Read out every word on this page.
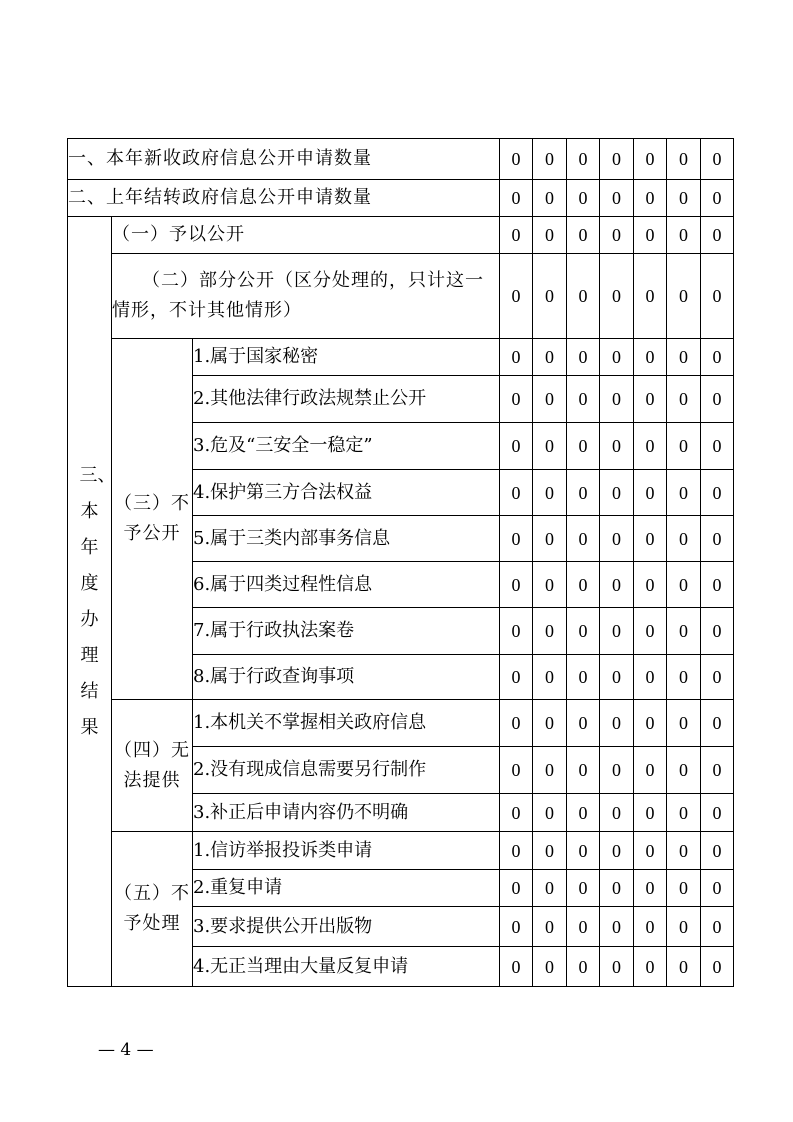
一、本年新收政府信息公开申请数量			0	0	0	0	0	0	0
二、上年结转政府信息公开申请数量			0	0	0	0	0	0	0
三、本年度办理结果	（一）予以公开		0	0	0	0	0	0	0
	（二）部分公开（区分处理的，只计这一情形，不计其他情形）		0	0	0	0	0	0	0
	（三）不予公开	1.属于国家秘密	0	0	0	0	0	0	0
		2.其他法律行政法规禁止公开	0	0	0	0	0	0	0
		3.危及“三安全一稳定”	0	0	0	0	0	0	0
		4.保护第三方合法权益	0	0	0	0	0	0	0
		5.属于三类内部事务信息	0	0	0	0	0	0	0
		6.属于四类过程性信息	0	0	0	0	0	0	0
		7.属于行政执法案卷	0	0	0	0	0	0	0
		8.属于行政查询事项	0	0	0	0	0	0	0
	（四）无法提供	1.本机关不掌握相关政府信息	0	0	0	0	0	0	0
		2.没有现成信息需要另行制作	0	0	0	0	0	0	0
		3.补正后申请内容仍不明确	0	0	0	0	0	0	0
	（五）不予处理	1.信访举报投诉类申请	0	0	0	0	0	0	0
		2.重复申请	0	0	0	0	0	0	0
		3.要求提供公开出版物	0	0	0	0	0	0	0
		4.无正当理由大量反复申请	0	0	0	0	0	0	0
— 4 —
